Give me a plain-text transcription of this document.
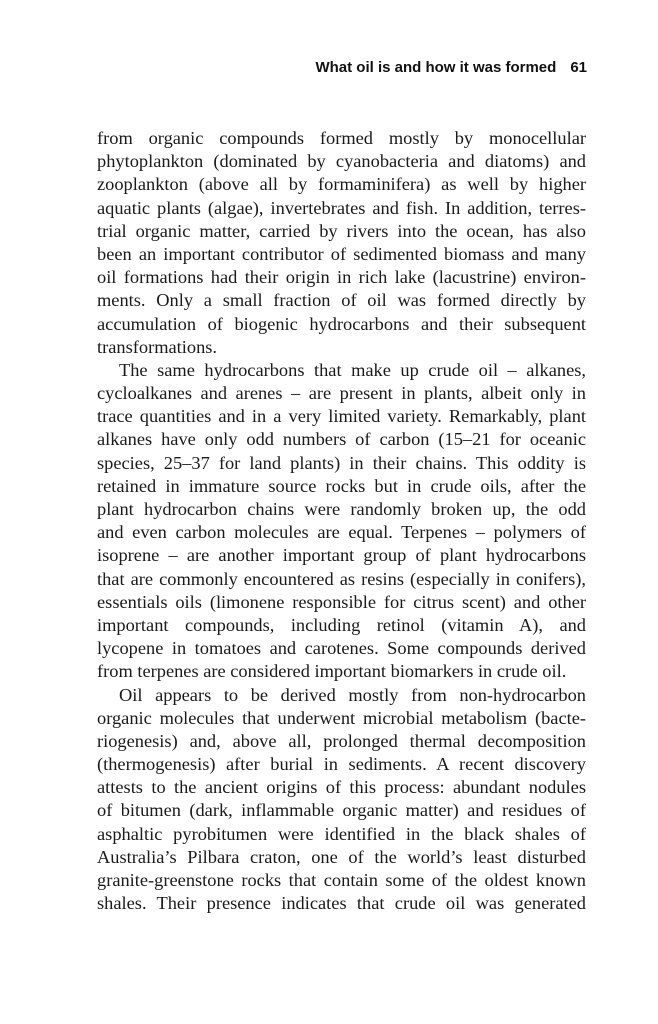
What oil is and how it was formed 61
from organic compounds formed mostly by monocellular
phytoplankton (dominated by cyanobacteria and diatoms) and
zooplankton (above all by formaminifera) as well by higher
aquatic plants (algae), invertebrates and fish. In addition, terres-
trial organic matter, carried by rivers into the ocean, has also
been an important contributor of sedimented biomass and many
oil formations had their origin in rich lake (lacustrine) environ-
ments. Only a small fraction of oil was formed directly by
accumulation of biogenic hydrocarbons and their subsequent
transformations.
The same hydrocarbons that make up crude oil – alkanes,
cycloalkanes and arenes – are present in plants, albeit only in
trace quantities and in a very limited variety. Remarkably, plant
alkanes have only odd numbers of carbon (15–21 for oceanic
species, 25–37 for land plants) in their chains. This oddity is
retained in immature source rocks but in crude oils, after the
plant hydrocarbon chains were randomly broken up, the odd
and even carbon molecules are equal. Terpenes – polymers of
isoprene – are another important group of plant hydrocarbons
that are commonly encountered as resins (especially in conifers),
essentials oils (limonene responsible for citrus scent) and other
important compounds, including retinol (vitamin A), and
lycopene in tomatoes and carotenes. Some compounds derived
from terpenes are considered important biomarkers in crude oil.
Oil appears to be derived mostly from non-hydrocarbon
organic molecules that underwent microbial metabolism (bacte-
riogenesis) and, above all, prolonged thermal decomposition
(thermogenesis) after burial in sediments. A recent discovery
attests to the ancient origins of this process: abundant nodules
of bitumen (dark, inflammable organic matter) and residues of
asphaltic pyrobitumen were identified in the black shales of
Australia’s Pilbara craton, one of the world’s least disturbed
granite-greenstone rocks that contain some of the oldest known
shales. Their presence indicates that crude oil was generated
